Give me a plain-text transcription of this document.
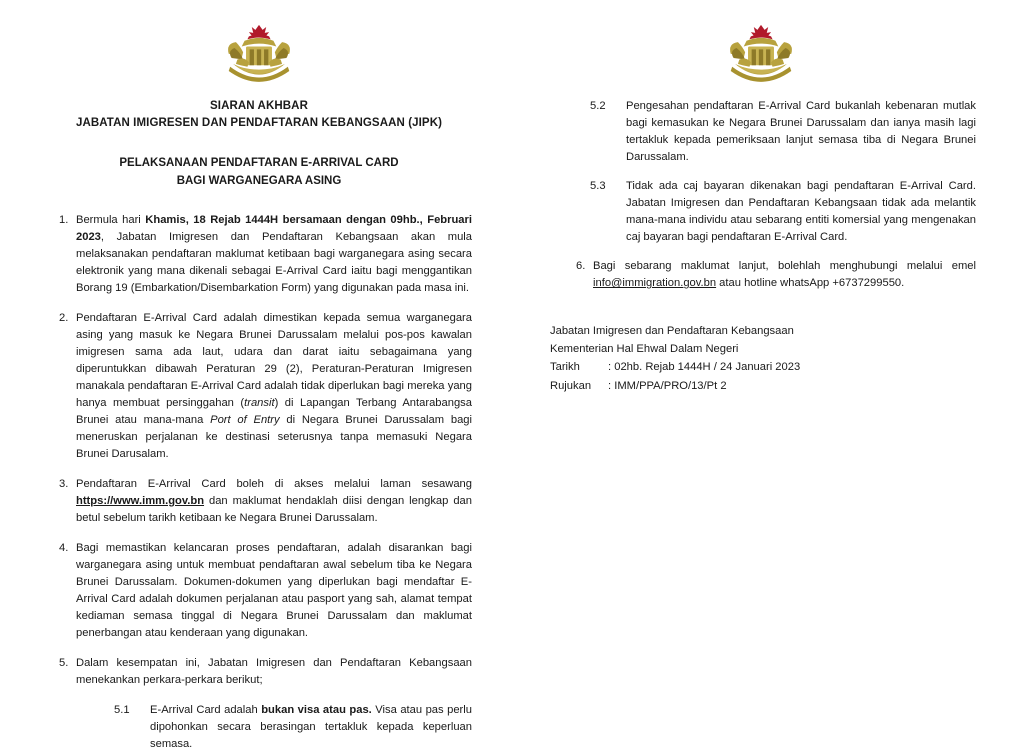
SIARAN AKHBAR
JABATAN IMIGRESEN DAN PENDAFTARAN KEBANGSAAN (JIPK)
PELAKSANAAN PENDAFTARAN E-ARRIVAL CARD
BAGI WARGANEGARA ASING
1. Bermula hari Khamis, 18 Rejab 1444H bersamaan dengan 09hb., Februari 2023, Jabatan Imigresen dan Pendaftaran Kebangsaan akan mula melaksanakan pendaftaran maklumat ketibaan bagi warganegara asing secara elektronik yang mana dikenali sebagai E-Arrival Card iaitu bagi menggantikan Borang 19 (Embarkation/Disembarkation Form) yang digunakan pada masa ini.
2. Pendaftaran E-Arrival Card adalah dimestikan kepada semua warganegara asing yang masuk ke Negara Brunei Darussalam melalui pos-pos kawalan imigresen sama ada laut, udara dan darat iaitu sebagaimana yang diperuntukkan dibawah Peraturan 29 (2), Peraturan-Peraturan Imigresen manakala pendaftaran E-Arrival Card adalah tidak diperlukan bagi mereka yang hanya membuat persinggahan (transit) di Lapangan Terbang Antarabangsa Brunei atau mana-mana Port of Entry di Negara Brunei Darussalam bagi meneruskan perjalanan ke destinasi seterusnya tanpa memasuki Negara Brunei Darusalam.
3. Pendaftaran E-Arrival Card boleh di akses melalui laman sesawang https://www.imm.gov.bn dan maklumat hendaklah diisi dengan lengkap dan betul sebelum tarikh ketibaan ke Negara Brunei Darussalam.
4. Bagi memastikan kelancaran proses pendaftaran, adalah disarankan bagi warganegara asing untuk membuat pendaftaran awal sebelum tiba ke Negara Brunei Darussalam. Dokumen-dokumen yang diperlukan bagi mendaftar E-Arrival Card adalah dokumen perjalanan atau pasport yang sah, alamat tempat kediaman semasa tinggal di Negara Brunei Darussalam dan maklumat penerbangan atau kenderaan yang digunakan.
5. Dalam kesempatan ini, Jabatan Imigresen dan Pendaftaran Kebangsaan menekankan perkara-perkara berikut;
5.1	E-Arrival Card adalah bukan visa atau pas. Visa atau pas perlu dipohonkan secara berasingan tertakluk kepada keperluan semasa.
5.2	Pengesahan pendaftaran E-Arrival Card bukanlah kebenaran mutlak bagi kemasukan ke Negara Brunei Darussalam dan ianya masih lagi tertakluk kepada pemeriksaan lanjut semasa tiba di Negara Brunei Darussalam.
5.3	Tidak ada caj bayaran dikenakan bagi pendaftaran E-Arrival Card. Jabatan Imigresen dan Pendaftaran Kebangsaan tidak ada melantik mana-mana individu atau sebarang entiti komersial yang mengenakan caj bayaran bagi pendaftaran E-Arrival Card.
6. Bagi sebarang maklumat lanjut, bolehlah menghubungi melalui emel info@immigration.gov.bn atau hotline whatsApp +6737299550.
Jabatan Imigresen dan Pendaftaran Kebangsaan
Kementerian Hal Ehwal Dalam Negeri
Tarikh	: 02hb. Rejab 1444H / 24 Januari 2023
Rujukan	: IMM/PPA/PRO/13/Pt 2
